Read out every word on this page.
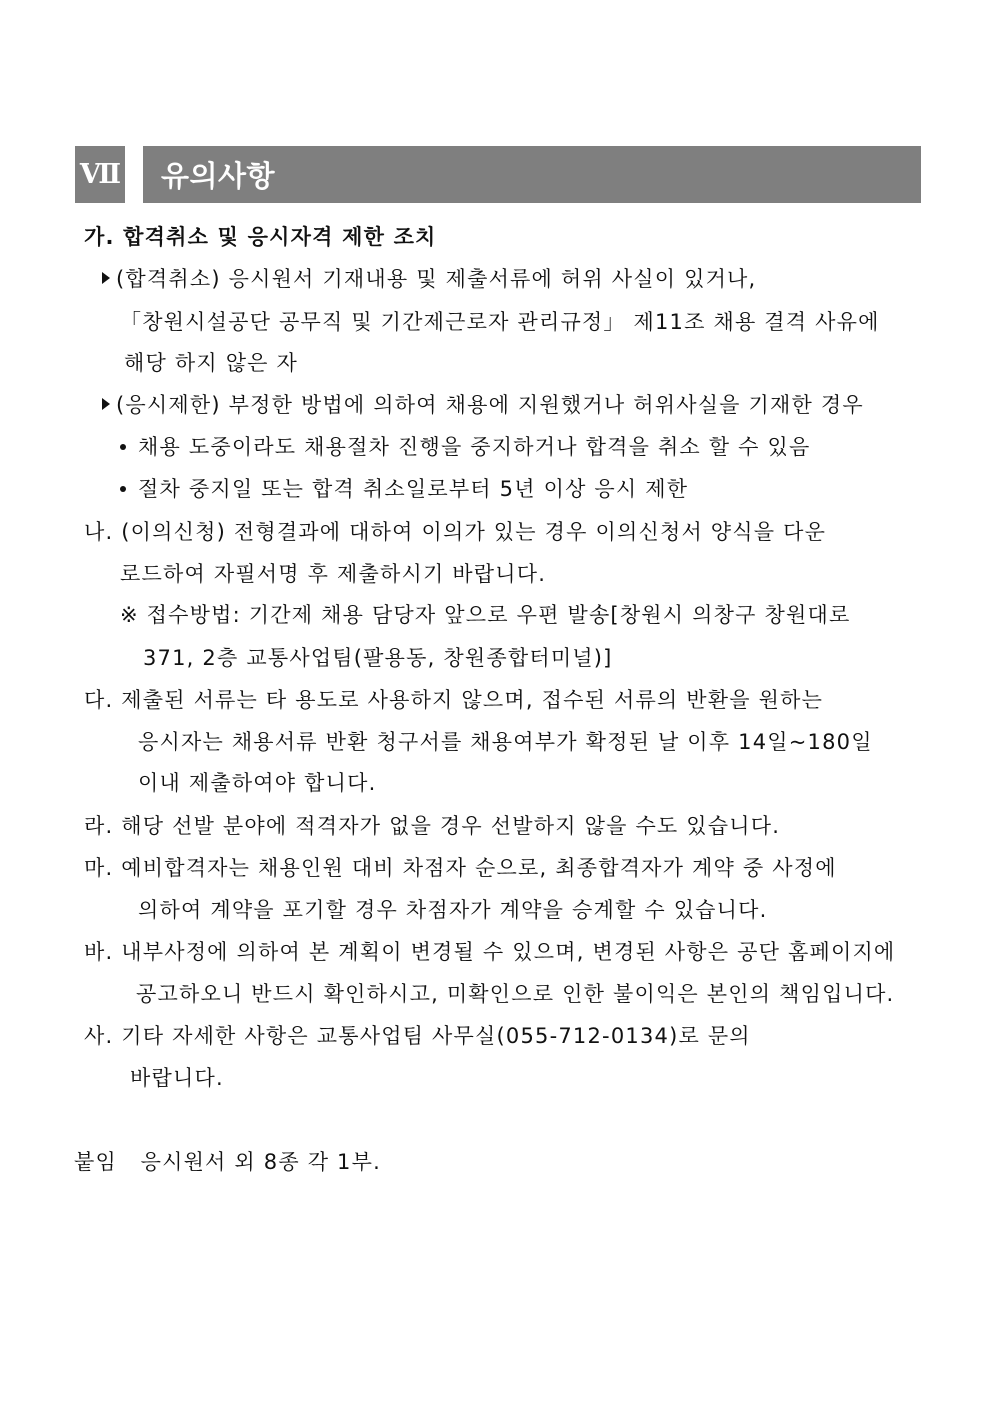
Ⅶ 유의사항
가. 합격취소 및 응시자격 제한 조치
(합격취소) 응시원서 기재내용 및 제출서류에 허위 사실이 있거나,
「창원시설공단 공무직 및 기간제근로자 관리규정」 제11조 채용 결격 사유에
해당 하지 않은 자
(응시제한) 부정한 방법에 의하여 채용에 지원했거나 허위사실을 기재한 경우
채용 도중이라도 채용절차 진행을 중지하거나 합격을 취소 할 수 있음
절차 중지일 또는 합격 취소일로부터 5년 이상 응시 제한
나. (이의신청) 전형결과에 대하여 이의가 있는 경우 이의신청서 양식을 다운
로드하여 자필서명 후 제출하시기 바랍니다.
※ 접수방법: 기간제 채용 담당자 앞으로 우편 발송[창원시 의창구 창원대로
371, 2층 교통사업팀(팔용동, 창원종합터미널)]
다. 제출된 서류는 타 용도로 사용하지 않으며, 접수된 서류의 반환을 원하는
응시자는 채용서류 반환 청구서를 채용여부가 확정된 날 이후 14일~180일
이내 제출하여야 합니다.
라. 해당 선발 분야에 적격자가 없을 경우 선발하지 않을 수도 있습니다.
마. 예비합격자는 채용인원 대비 차점자 순으로, 최종합격자가 계약 중 사정에
의하여 계약을 포기할 경우 차점자가 계약을 승계할 수 있습니다.
바. 내부사정에 의하여 본 계획이 변경될 수 있으며, 변경된 사항은 공단 홈페이지에
공고하오니 반드시 확인하시고, 미확인으로 인한 불이익은 본인의 책임입니다.
사. 기타 자세한 사항은 교통사업팀 사무실(055-712-0134)로 문의
바랍니다.
붙임   응시원서 외 8종 각 1부.
